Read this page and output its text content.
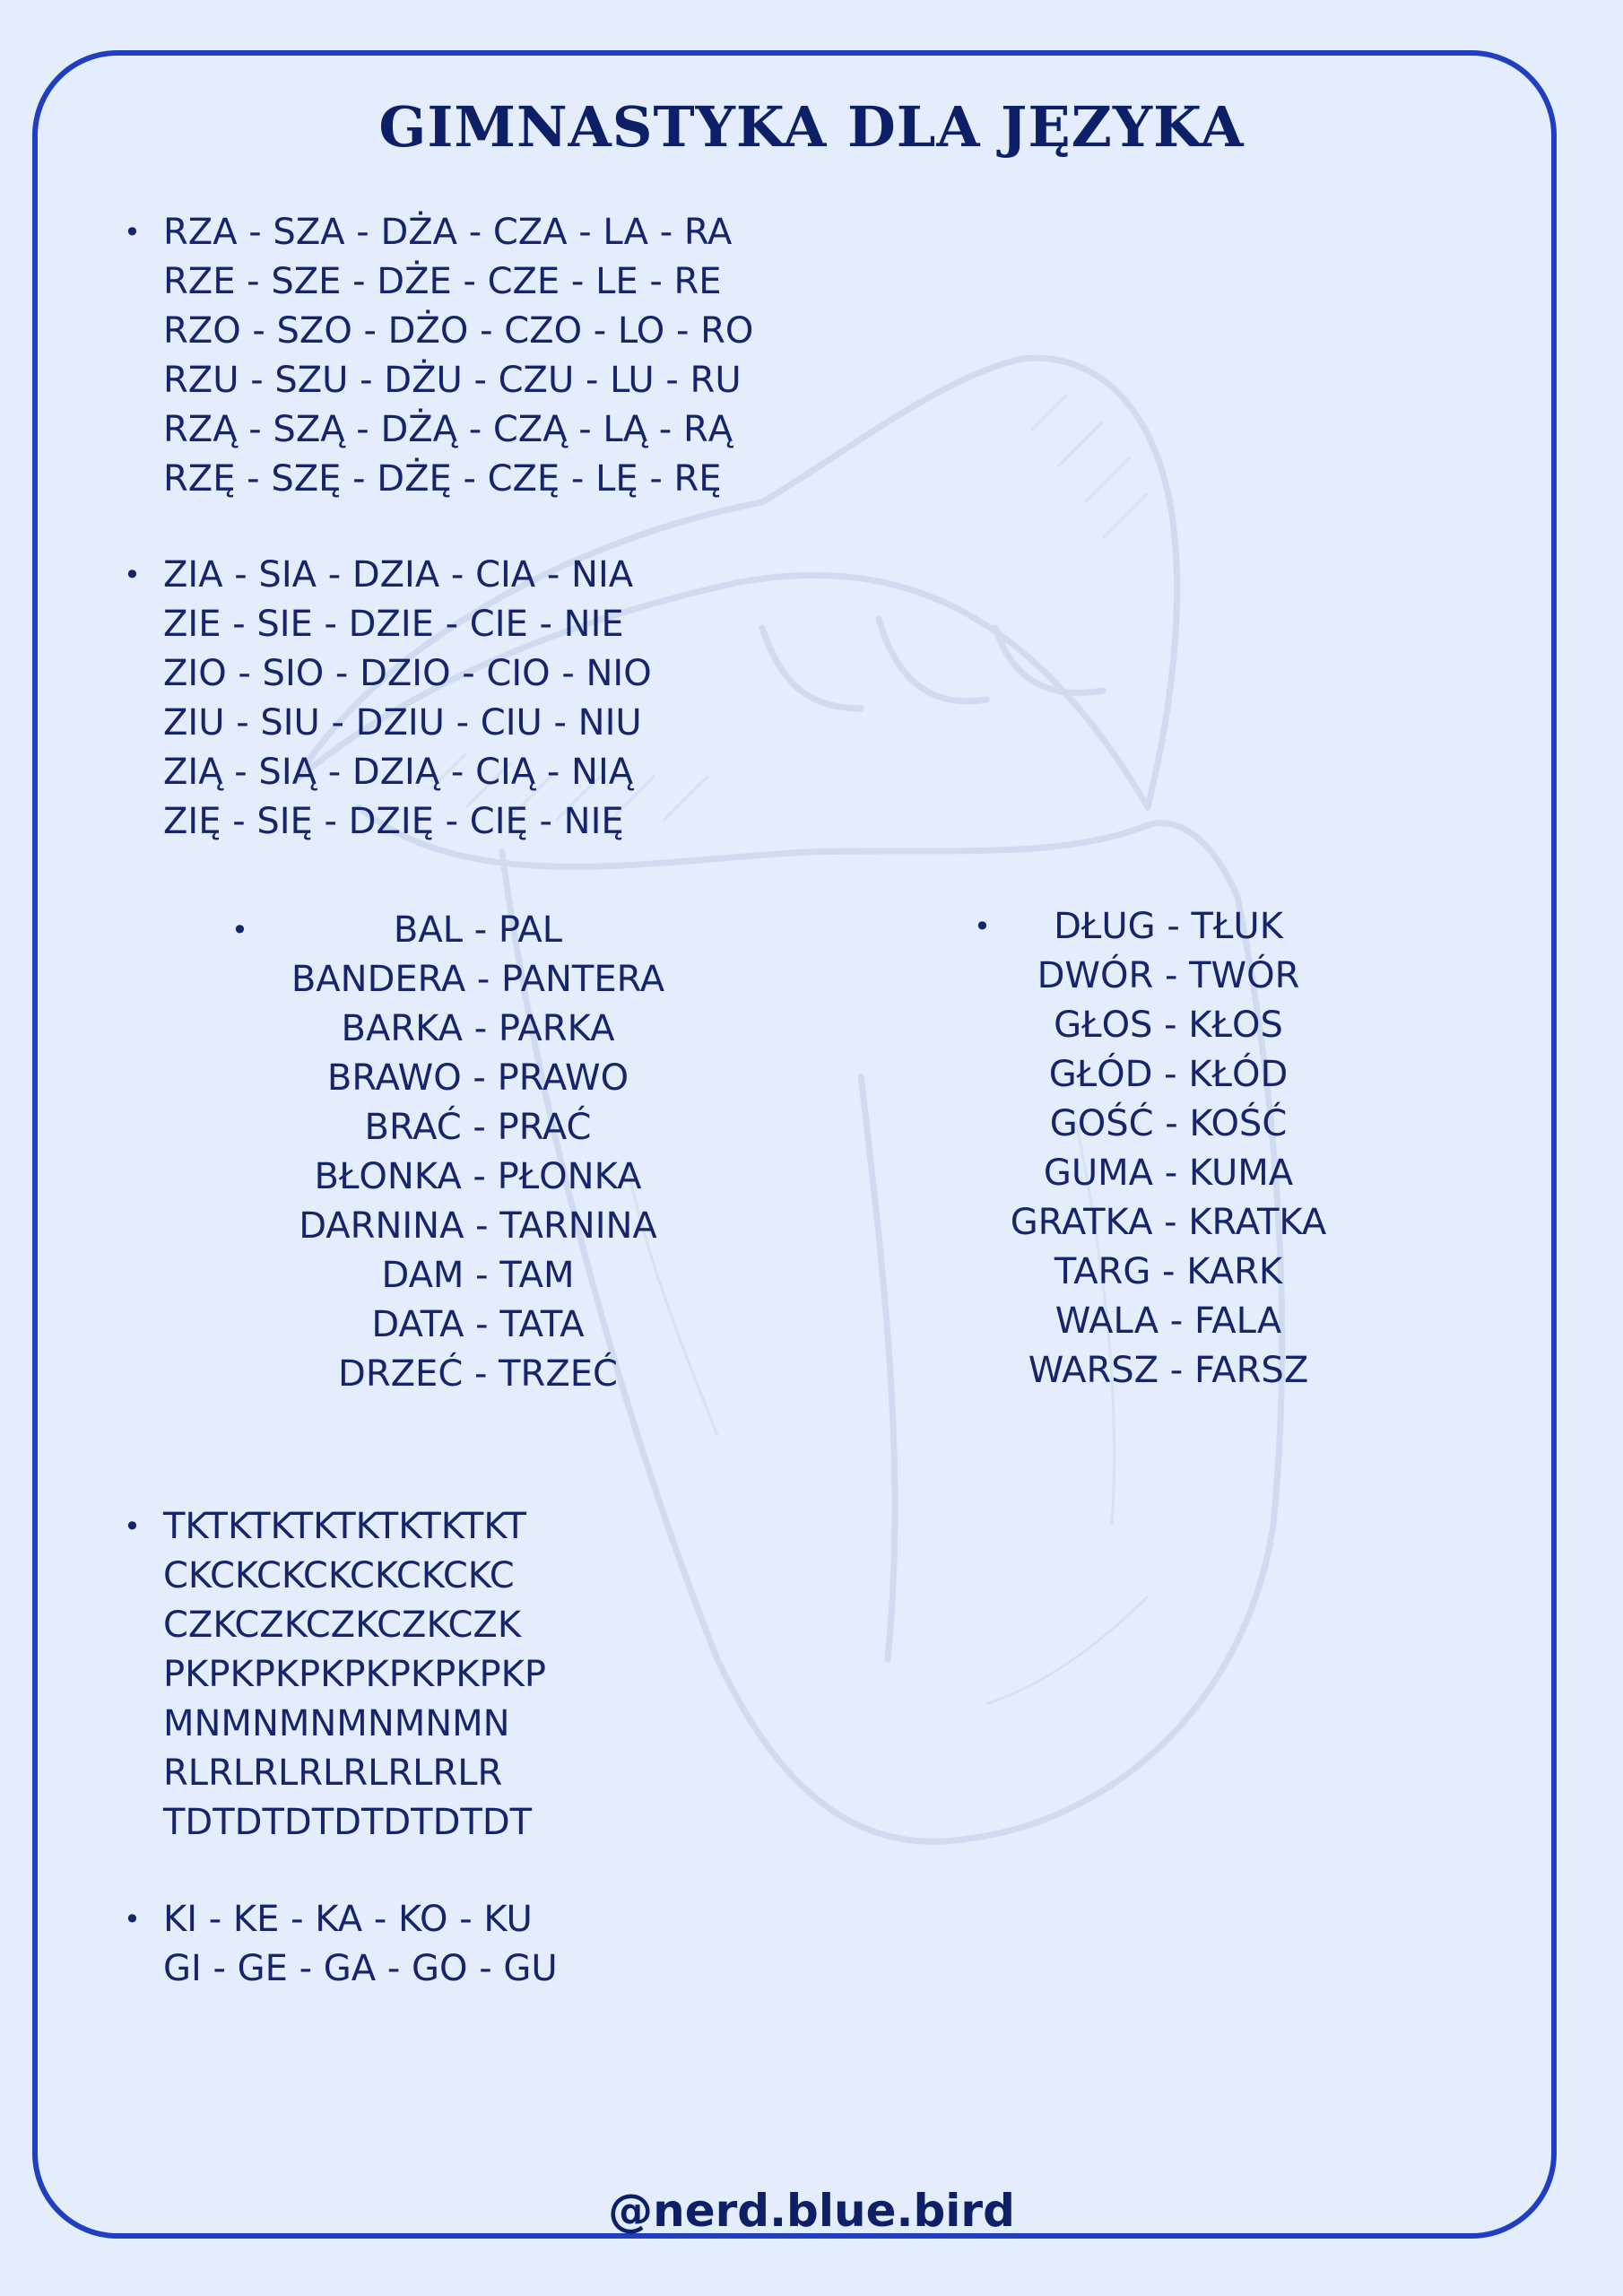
GIMNASTYKA DLA JĘZYKA
• RZA - SZA - DŻA - CZA - LA - RA
RZE - SZE - DŻE - CZE - LE - RE
RZO - SZO - DŻO - CZO - LO - RO
RZU - SZU - DŻU - CZU - LU - RU
RZĄ - SZĄ - DŻĄ - CZĄ - LĄ - RĄ
RZĘ - SZĘ - DŻĘ - CZĘ - LĘ - RĘ
• ZIA - SIA - DZIA - CIA - NIA
ZIE - SIE - DZIE - CIE - NIE
ZIO - SIO - DZIO - CIO - NIO
ZIU - SIU - DZIU - CIU - NIU
ZIĄ - SIĄ - DZIĄ - CIĄ - NIĄ
ZIĘ - SIĘ - DZIĘ - CIĘ - NIĘ
•	BAL - PAL
BANDERA - PANTERA
BARKA - PARKA
BRAWO - PRAWO
BRAĆ - PRAĆ
BŁONKA - PŁONKA
DARNINA - TARNINA
DAM - TAM
DATA - TATA
DRZEĆ - TRZEĆ
•	DŁUG - TŁUK
DWÓR - TWÓR
GŁOS - KŁOS
GŁÓD - KŁÓD
GOŚĆ - KOŚĆ
GUMA - KUMA
GRATKA - KRATKA
TARG - KARK
WALA - FALA
WARSZ - FARSZ
• TKTKTKTKTKTKTKTKT
CKCKCKCKCKCKCKC
CZKCZKCZKCZKCZK
PKPKPKPKPKPKPKPKP
MNMNMNMNMNMN
RLRLRLRLRLRLRLR
TDTDTDTDTDTDTDT
• KI - KE - KA - KO - KU
GI - GE - GA - GO - GU
@nerd.blue.bird
